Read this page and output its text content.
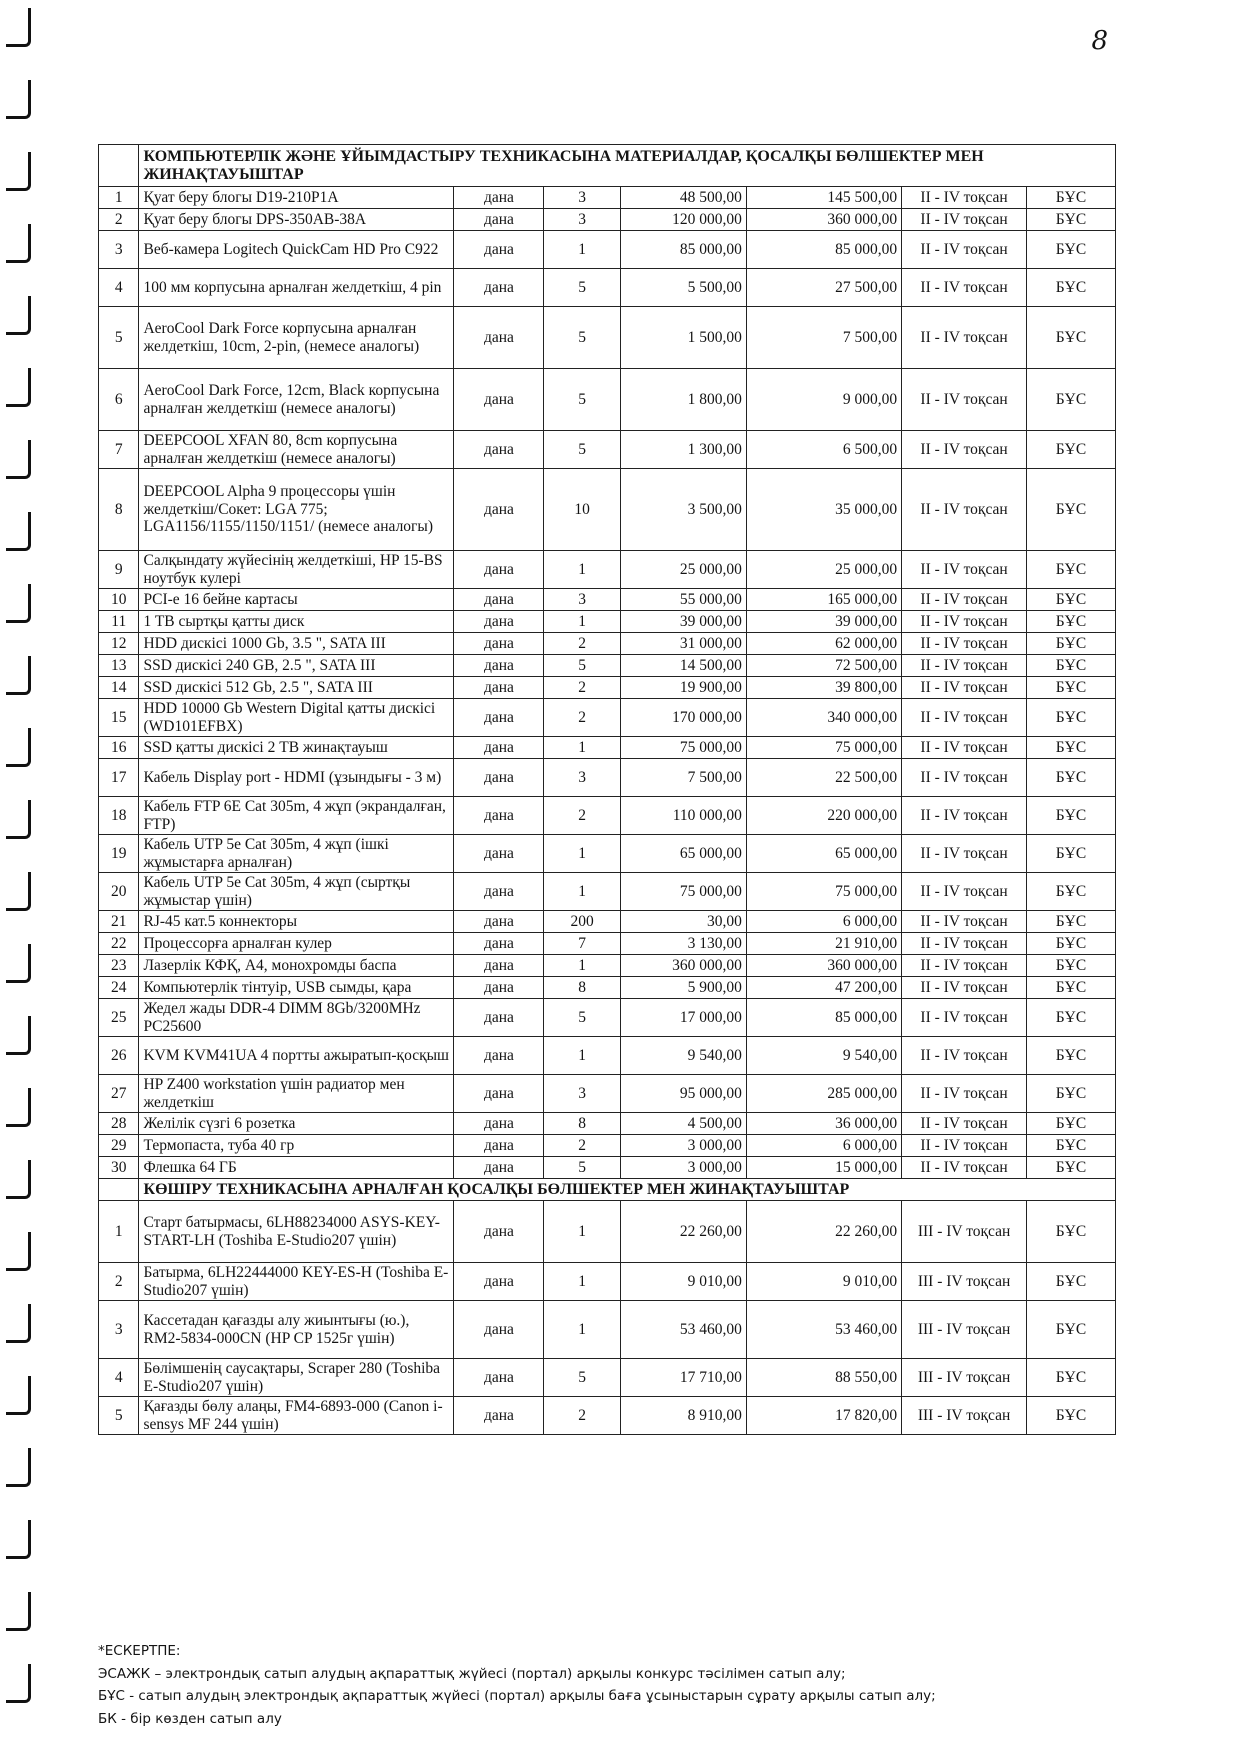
8
	КОМПЬЮТЕРЛІК ЖӘНЕ ҰЙЫМДАСТЫРУ ТЕХНИКАСЫНА МАТЕРИАЛДАР, ҚОСАЛҚЫ БӨЛШЕКТЕР МЕН ЖИНАҚТАУЫШТАР						
1	Қуат беру блогы D19-210P1A	дана	3	48 500,00	145 500,00	II - IV тоқсан	БҰС
2	Қуат беру блогы DPS-350AB-38A	дана	3	120 000,00	360 000,00	II - IV тоқсан	БҰС
3	Веб-камера Logitech QuickCam HD Pro C922	дана	1	85 000,00	85 000,00	II - IV тоқсан	БҰС
4	100 мм корпусына арналған желдеткіш, 4 pin	дана	5	5 500,00	27 500,00	II - IV тоқсан	БҰС
5	AeroCool Dark Force корпусына арналған желдеткіш, 10cm, 2-pin, (немесе аналогы)	дана	5	1 500,00	7 500,00	II - IV тоқсан	БҰС
6	AeroCool Dark Force, 12cm, Black корпусына арналған желдеткіш (немесе аналогы)	дана	5	1 800,00	9 000,00	II - IV тоқсан	БҰС
7	DEEPCOOL XFAN 80, 8cm корпусына арналған желдеткіш (немесе аналогы)	дана	5	1 300,00	6 500,00	II - IV тоқсан	БҰС
8	DEEPCOOL Alpha 9 процессоры үшін желдеткіш/Сокет: LGA 775; LGA1156/1155/1150/1151/ (немесе аналогы)	дана	10	3 500,00	35 000,00	II - IV тоқсан	БҰС
9	Салқындату жүйесінің желдеткіші, HP 15-BS ноутбук кулері	дана	1	25 000,00	25 000,00	II - IV тоқсан	БҰС
10	PCI-e 16 бейне картасы	дана	3	55 000,00	165 000,00	II - IV тоқсан	БҰС
11	1 TB сыртқы қатты диск	дана	1	39 000,00	39 000,00	II - IV тоқсан	БҰС
12	HDD дискісі 1000 Gb, 3.5 ", SATA III	дана	2	31 000,00	62 000,00	II - IV тоқсан	БҰС
13	SSD дискісі 240 GB, 2.5 ", SATA III	дана	5	14 500,00	72 500,00	II - IV тоқсан	БҰС
14	SSD дискісі 512 Gb, 2.5 ", SATA III	дана	2	19 900,00	39 800,00	II - IV тоқсан	БҰС
15	HDD 10000 Gb Western Digital қатты дискісі (WD101EFBX)	дана	2	170 000,00	340 000,00	II - IV тоқсан	БҰС
16	SSD қатты дискісі 2 TB жинақтауыш	дана	1	75 000,00	75 000,00	II - IV тоқсан	БҰС
17	Кабель Display port - HDMI (ұзындығы - 3 м)	дана	3	7 500,00	22 500,00	II - IV тоқсан	БҰС
18	Кабель FTP 6E Cat 305m, 4 жұп (экрандалған, FTP)	дана	2	110 000,00	220 000,00	II - IV тоқсан	БҰС
19	Кабель UTP 5e Cat 305m, 4 жұп (ішкі жұмыстарға арналған)	дана	1	65 000,00	65 000,00	II - IV тоқсан	БҰС
20	Кабель UTP 5e Cat 305m, 4 жұп (сыртқы жұмыстар үшін)	дана	1	75 000,00	75 000,00	II - IV тоқсан	БҰС
21	RJ-45 кат.5 коннекторы	дана	200	30,00	6 000,00	II - IV тоқсан	БҰС
22	Процессорға арналған кулер	дана	7	3 130,00	21 910,00	II - IV тоқсан	БҰС
23	Лазерлік КФҚ, A4, монохромды баспа	дана	1	360 000,00	360 000,00	II - IV тоқсан	БҰС
24	Компьютерлік тінтуір, USB сымды, қара	дана	8	5 900,00	47 200,00	II - IV тоқсан	БҰС
25	Жедел жады DDR-4 DIMM 8Gb/3200MHz PC25600	дана	5	17 000,00	85 000,00	II - IV тоқсан	БҰС
26	KVM KVM41UA 4 портты ажыратып-қосқыш	дана	1	9 540,00	9 540,00	II - IV тоқсан	БҰС
27	HP Z400 workstation үшін радиатор мен желдеткіш	дана	3	95 000,00	285 000,00	II - IV тоқсан	БҰС
28	Желілік сүзгі 6 розетка	дана	8	4 500,00	36 000,00	II - IV тоқсан	БҰС
29	Термопаста, туба 40 гр	дана	2	3 000,00	6 000,00	II - IV тоқсан	БҰС
30	Флешка 64 ГБ	дана	5	3 000,00	15 000,00	II - IV тоқсан	БҰС
	КӨШІРУ ТЕХНИКАСЫНА АРНАЛҒАН ҚОСАЛҚЫ БӨЛШЕКТЕР МЕН ЖИНАҚТАУЫШТАР						
1	Старт батырмасы, 6LH88234000 ASYS-KEY-START-LH (Toshiba E-Studio207 үшін)	дана	1	22 260,00	22 260,00	III - IV тоқсан	БҰС
2	Батырма, 6LH22444000 KEY-ES-H (Toshiba E-Studio207 үшін)	дана	1	9 010,00	9 010,00	III - IV тоқсан	БҰС
3	Кассетадан қағазды алу жиынтығы (ю.), RM2-5834-000CN (HP CP 1525г үшін)	дана	1	53 460,00	53 460,00	III - IV тоқсан	БҰС
4	Бөлімшенің саусақтары, Scraper 280 (Toshiba E-Studio207 үшін)	дана	5	17 710,00	88 550,00	III - IV тоқсан	БҰС
5	Қағазды бөлу алаңы, FM4-6893-000 (Canon i-sensys MF 244 үшін)	дана	2	8 910,00	17 820,00	III - IV тоқсан	БҰС
*ЕСКЕРТПЕ:
ЭСАЖК – электрондық сатып алудың ақпараттық жүйесі (портал) арқылы конкурс тәсілімен сатып алу;
БҰС - сатып алудың электрондық ақпараттық жүйесі (портал) арқылы баға ұсыныстарын сұрату арқылы сатып алу;
БК - бір көзден сатып алу
